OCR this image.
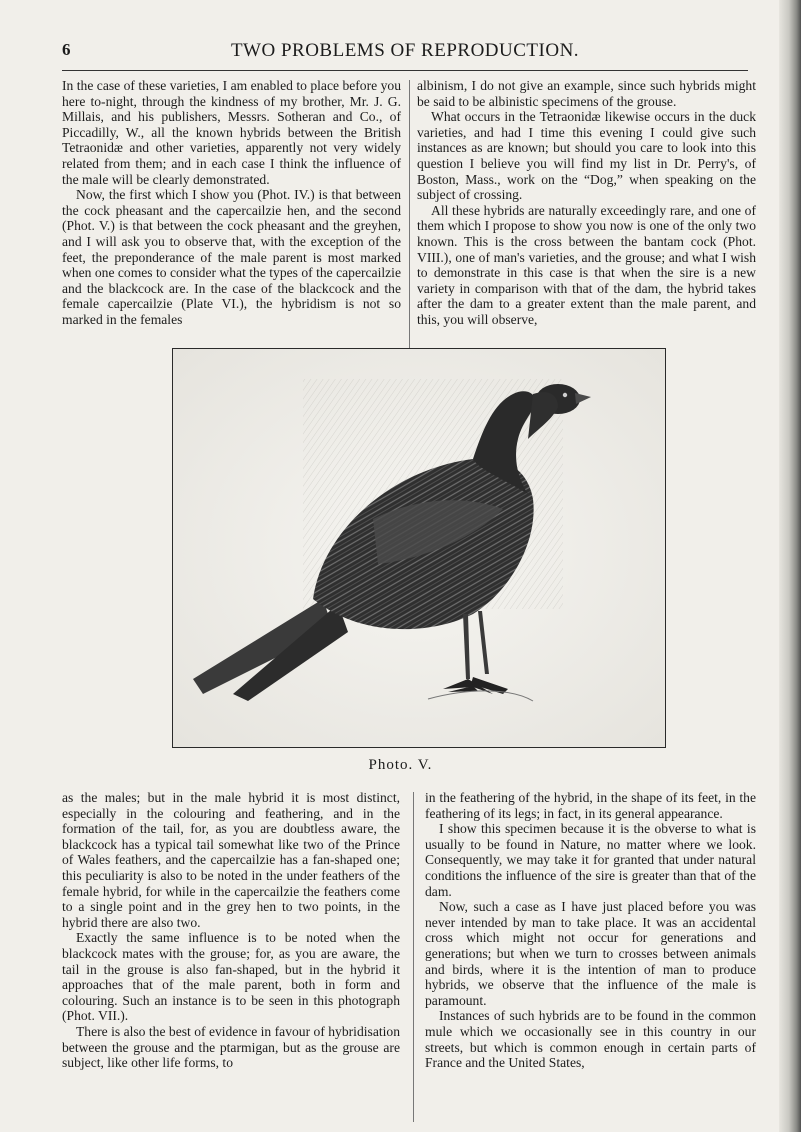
6	TWO PROBLEMS OF REPRODUCTION.

In the case of these varieties, I am enabled to place before you here to-night, through the kindness of my brother, Mr. J. G. Millais, and his publishers, Messrs. Sotheran and Co., of Piccadilly, W., all the known hybrids between the British Tetraonidæ and other varieties, apparently not very widely related from them; and in each case I think the influence of the male will be clearly demonstrated.

Now, the first which I show you (Phot. IV.) is that between the cock pheasant and the capercailzie hen, and the second (Phot. V.) is that between the cock pheasant and the greyhen, and I will ask you to observe that, with the exception of the feet, the preponderance of the male parent is most marked when one comes to consider what the types of the capercailzie and the blackcock are. In the case of the blackcock and the female capercailzie (Plate VI.), the hybridism is not so marked in the females

albinism, I do not give an example, since such hybrids might be said to be albinistic specimens of the grouse.

What occurs in the Tetraonidæ likewise occurs in the duck varieties, and had I time this evening I could give such instances as are known; but should you care to look into this question I believe you will find my list in Dr. Perry's, of Boston, Mass., work on the “Dog,” when speaking on the subject of crossing.

All these hybrids are naturally exceedingly rare, and one of them which I propose to show you now is one of the only two known. This is the cross between the bantam cock (Phot. VIII.), one of man's varieties, and the grouse; and what I wish to demonstrate in this case is that when the sire is a new variety in comparison with that of the dam, the hybrid takes after the dam to a greater extent than the male parent, and this, you will observe,

Photo. V.

as the males; but in the male hybrid it is most distinct, especially in the colouring and feathering, and in the formation of the tail, for, as you are doubtless aware, the blackcock has a typical tail somewhat like two of the Prince of Wales feathers, and the capercailzie has a fan-shaped one; this peculiarity is also to be noted in the under feathers of the female hybrid, for while in the capercailzie the feathers come to a single point and in the grey hen to two points, in the hybrid there are also two.

Exactly the same influence is to be noted when the blackcock mates with the grouse; for, as you are aware, the tail in the grouse is also fan-shaped, but in the hybrid it approaches that of the male parent, both in form and colouring. Such an instance is to be seen in this photograph (Phot. VII.).

There is also the best of evidence in favour of hybridisation between the grouse and the ptarmigan, but as the grouse are subject, like other life forms, to

in the feathering of the hybrid, in the shape of its feet, in the feathering of its legs; in fact, in its general appearance.

I show this specimen because it is the obverse to what is usually to be found in Nature, no matter where we look. Consequently, we may take it for granted that under natural conditions the influence of the sire is greater than that of the dam.

Now, such a case as I have just placed before you was never intended by man to take place. It was an accidental cross which might not occur for generations and generations; but when we turn to crosses between animals and birds, where it is the intention of man to produce hybrids, we observe that the influence of the male is paramount.

Instances of such hybrids are to be found in the common mule which we occasionally see in this country in our streets, but which is common enough in certain parts of France and the United States,
